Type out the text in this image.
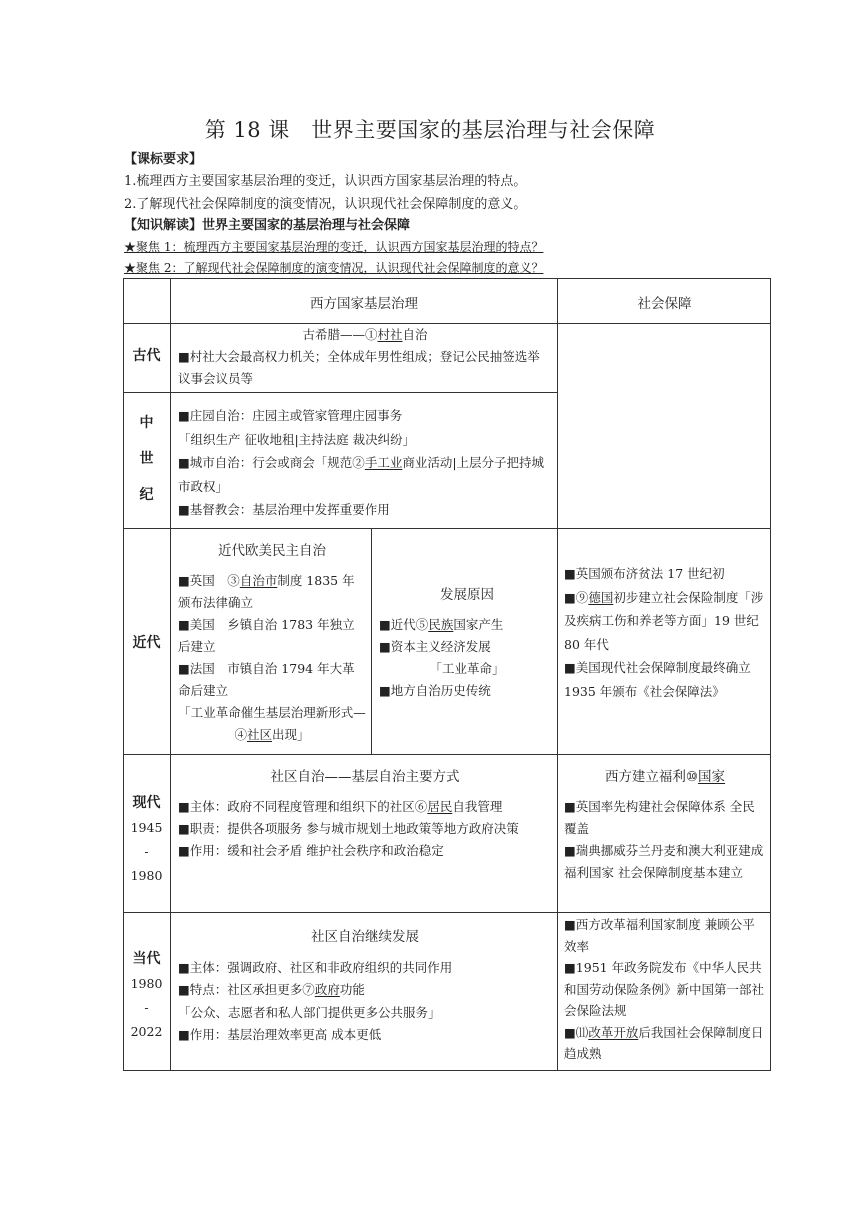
第 18 课　世界主要国家的基层治理与社会保障
【课标要求】
1.梳理西方主要国家基层治理的变迁，认识西方国家基层治理的特点。
2.了解现代社会保障制度的演变情况，认识现代社会保障制度的意义。
【知识解读】世界主要国家的基层治理与社会保障
★聚焦 1：梳理西方主要国家基层治理的变迁，认识西方国家基层治理的特点？
★聚焦 2：了解现代社会保障制度的演变情况，认识现代社会保障制度的意义？
西方国家基层治理	社会保障
古代
古希腊——①村社自治
■村社大会最高权力机关；全体成年男性组成；登记公民抽签选举议事会议员等
中
世
纪
■庄园自治：庄园主或管家管理庄园事务
「组织生产 征收地租|主持法庭 裁决纠纷」
■城市自治：行会或商会「规范②手工业商业活动|上层分子把持城市政权」
■基督教会：基层治理中发挥重要作用
近代
近代欧美民主自治
■英国　③自治市制度 1835 年颁布法律确立
■美国　乡镇自治 1783 年独立后建立
■法国　市镇自治 1794 年大革命后建立
「工业革命催生基层治理新形式—④社区出现」
发展原因
■近代⑤民族国家产生
■资本主义经济发展
「工业革命」
■地方自治历史传统
■英国颁布济贫法 17 世纪初
■⑨德国初步建立社会保险制度「涉及疾病工伤和养老等方面」19 世纪 80 年代
■美国现代社会保障制度最终确立 1935 年颁布《社会保障法》
现代
1945
-
1980
社区自治——基层自治主要方式
■主体：政府不同程度管理和组织下的社区⑥居民自我管理
■职责：提供各项服务 参与城市规划土地政策等地方政府决策
■作用：缓和社会矛盾 维护社会秩序和政治稳定
西方建立福利⑩国家
■英国率先构建社会保障体系 全民覆盖
■瑞典挪威芬兰丹麦和澳大利亚建成福利国家 社会保障制度基本建立
当代
1980
-
2022
社区自治继续发展
■主体：强调政府、社区和非政府组织的共同作用
■特点：社区承担更多⑦政府功能
「公众、志愿者和私人部门提供更多公共服务」
■作用：基层治理效率更高 成本更低
■西方改革福利国家制度 兼顾公平效率
■1951 年政务院发布《中华人民共和国劳动保险条例》新中国第一部社会保险法规
■⑾改革开放后我国社会保障制度日趋成熟
